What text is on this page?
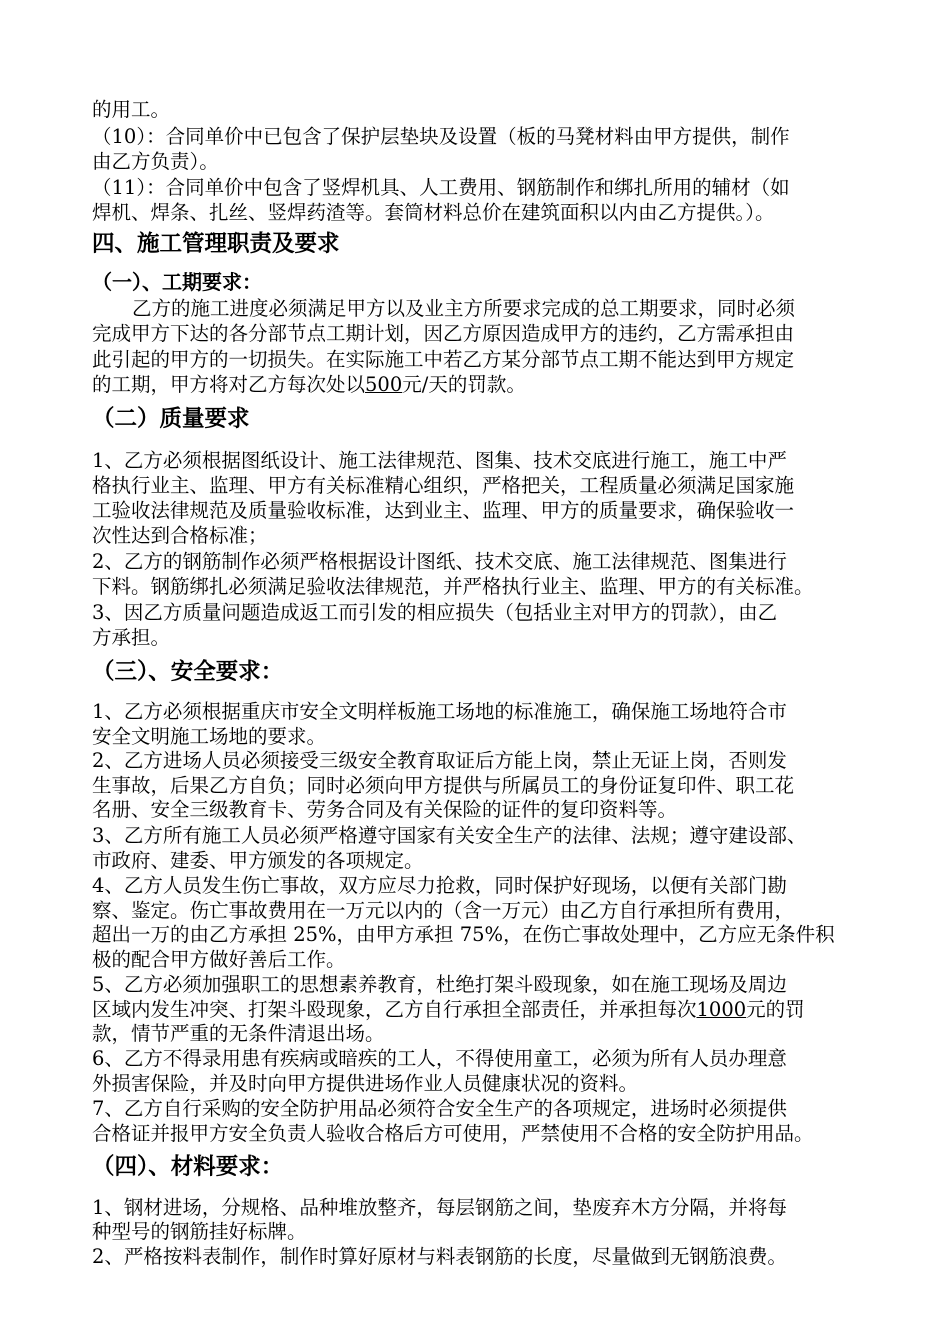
的用工。
（10）：合同单价中已包含了保护层垫块及设置（板的马凳材料由甲方提供，制作
由乙方负责）。
（11）：合同单价中包含了竖焊机具、人工费用、钢筋制作和绑扎所用的辅材（如
焊机、焊条、扎丝、竖焊药渣等。套筒材料总价在建筑面积以内由乙方提供。）。
四、施工管理职责及要求
（一）、工期要求：
乙方的施工进度必须满足甲方以及业主方所要求完成的总工期要求，同时必须
完成甲方下达的各分部节点工期计划，因乙方原因造成甲方的违约，乙方需承担由
此引起的甲方的一切损失。在实际施工中若乙方某分部节点工期不能达到甲方规定
的工期，甲方将对乙方每次处以500元/天的罚款。
（二）质量要求
1、乙方必须根据图纸设计、施工法律规范、图集、技术交底进行施工，施工中严
格执行业主、监理、甲方有关标准精心组织，严格把关，工程质量必须满足国家施
工验收法律规范及质量验收标准，达到业主、监理、甲方的质量要求，确保验收一
次性达到合格标准；
2、乙方的钢筋制作必须严格根据设计图纸、技术交底、施工法律规范、图集进行
下料。钢筋绑扎必须满足验收法律规范，并严格执行业主、监理、甲方的有关标准。
3、因乙方质量问题造成返工而引发的相应损失（包括业主对甲方的罚款），由乙
方承担。
（三）、安全要求：
1、乙方必须根据重庆市安全文明样板施工场地的标准施工，确保施工场地符合市
安全文明施工场地的要求。
2、乙方进场人员必须接受三级安全教育取证后方能上岗，禁止无证上岗，否则发
生事故，后果乙方自负；同时必须向甲方提供与所属员工的身份证复印件、职工花
名册、安全三级教育卡、劳务合同及有关保险的证件的复印资料等。
3、乙方所有施工人员必须严格遵守国家有关安全生产的法律、法规；遵守建设部、
市政府、建委、甲方颁发的各项规定。
4、乙方人员发生伤亡事故，双方应尽力抢救，同时保护好现场，以便有关部门勘
察、鉴定。伤亡事故费用在一万元以内的（含一万元）由乙方自行承担所有费用，
超出一万的由乙方承担 25%，由甲方承担 75%，在伤亡事故处理中，乙方应无条件积
极的配合甲方做好善后工作。
5、乙方必须加强职工的思想素养教育，杜绝打架斗殴现象，如在施工现场及周边
区域内发生冲突、打架斗殴现象，乙方自行承担全部责任，并承担每次1000元的罚
款，情节严重的无条件清退出场。
6、乙方不得录用患有疾病或暗疾的工人，不得使用童工，必须为所有人员办理意
外损害保险，并及时向甲方提供进场作业人员健康状况的资料。
7、乙方自行采购的安全防护用品必须符合安全生产的各项规定，进场时必须提供
合格证并报甲方安全负责人验收合格后方可使用，严禁使用不合格的安全防护用品。
（四）、材料要求：
1、钢材进场，分规格、品种堆放整齐，每层钢筋之间，垫废弃木方分隔，并将每
种型号的钢筋挂好标牌。
2、严格按料表制作，制作时算好原材与料表钢筋的长度，尽量做到无钢筋浪费。
